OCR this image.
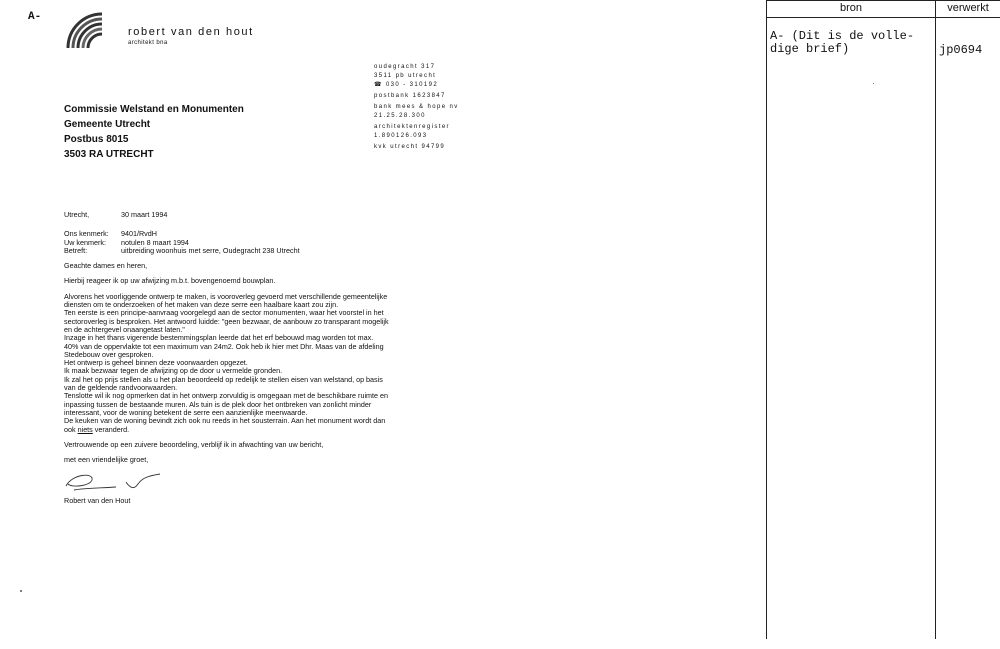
A-
robert van den hout
architekt bna
oudegracht 317
3511 pb utrecht
☎ 030 - 310192
postbank 1623847
bank mees & hope nv
21.25.28.300
architektenregister
1.890126.093
kvk utrecht 94799
Commissie Welstand en Monumenten
Gemeente Utrecht
Postbus 8015
3503 RA UTRECHT
Utrecht,	30 maart 1994
Ons kenmerk:	9401/RvdH
Uw kenmerk:	notulen 8 maart 1994
Betreft:	uitbreiding woonhuis met serre, Oudegracht 238 Utrecht
Geachte dames en heren,
Hierbij reageer ik op uw afwijzing m.b.t. bovengenoemd bouwplan.
Alvorens het voorliggende ontwerp te maken, is vooroverleg gevoerd met verschillende gemeentelijke
diensten om te onderzoeken of het maken van deze serre een haalbare kaart zou zijn.
Ten eerste is een principe-aanvraag voorgelegd aan de sector monumenten, waar het voorstel in het
sectoroverleg is besproken. Het antwoord luidde: "geen bezwaar, de aanbouw zo transparant mogelijk
en de achtergevel onaangetast laten."
Inzage in het thans vigerende bestemmingsplan leerde dat het erf bebouwd mag worden tot max.
40% van de oppervlakte tot een maximum van 24m2. Ook heb ik hier met Dhr. Maas van de afdeling
Stedebouw over gesproken.
Het ontwerp is geheel binnen deze voorwaarden opgezet.
Ik maak bezwaar tegen de afwijzing op de door u vermelde gronden.
Ik zal het op prijs stellen als u het plan beoordeeld op redelijk te stellen eisen van welstand, op basis
van de geldende randvoorwaarden.
Tenslotte wil ik nog opmerken dat in het ontwerp zorvuldig is omgegaan met de beschikbare ruimte en
inpassing tussen de bestaande muren. Als tuin is de plek door het ontbreken van zonlicht minder
interessant, voor de woning betekent de serre een aanzienlijke meerwaarde.
De keuken van de woning bevindt zich ook nu reeds in het sousterrain. Aan het monument wordt dan
ook niets veranderd.
Vertrouwende op een zuivere beoordeling, verblijf ik in afwachting van uw bericht,
met een vriendelijke groet,
Robert van den Hout
bron	verwerkt
A- (Dit is de volle-
dige brief)	jp0694
